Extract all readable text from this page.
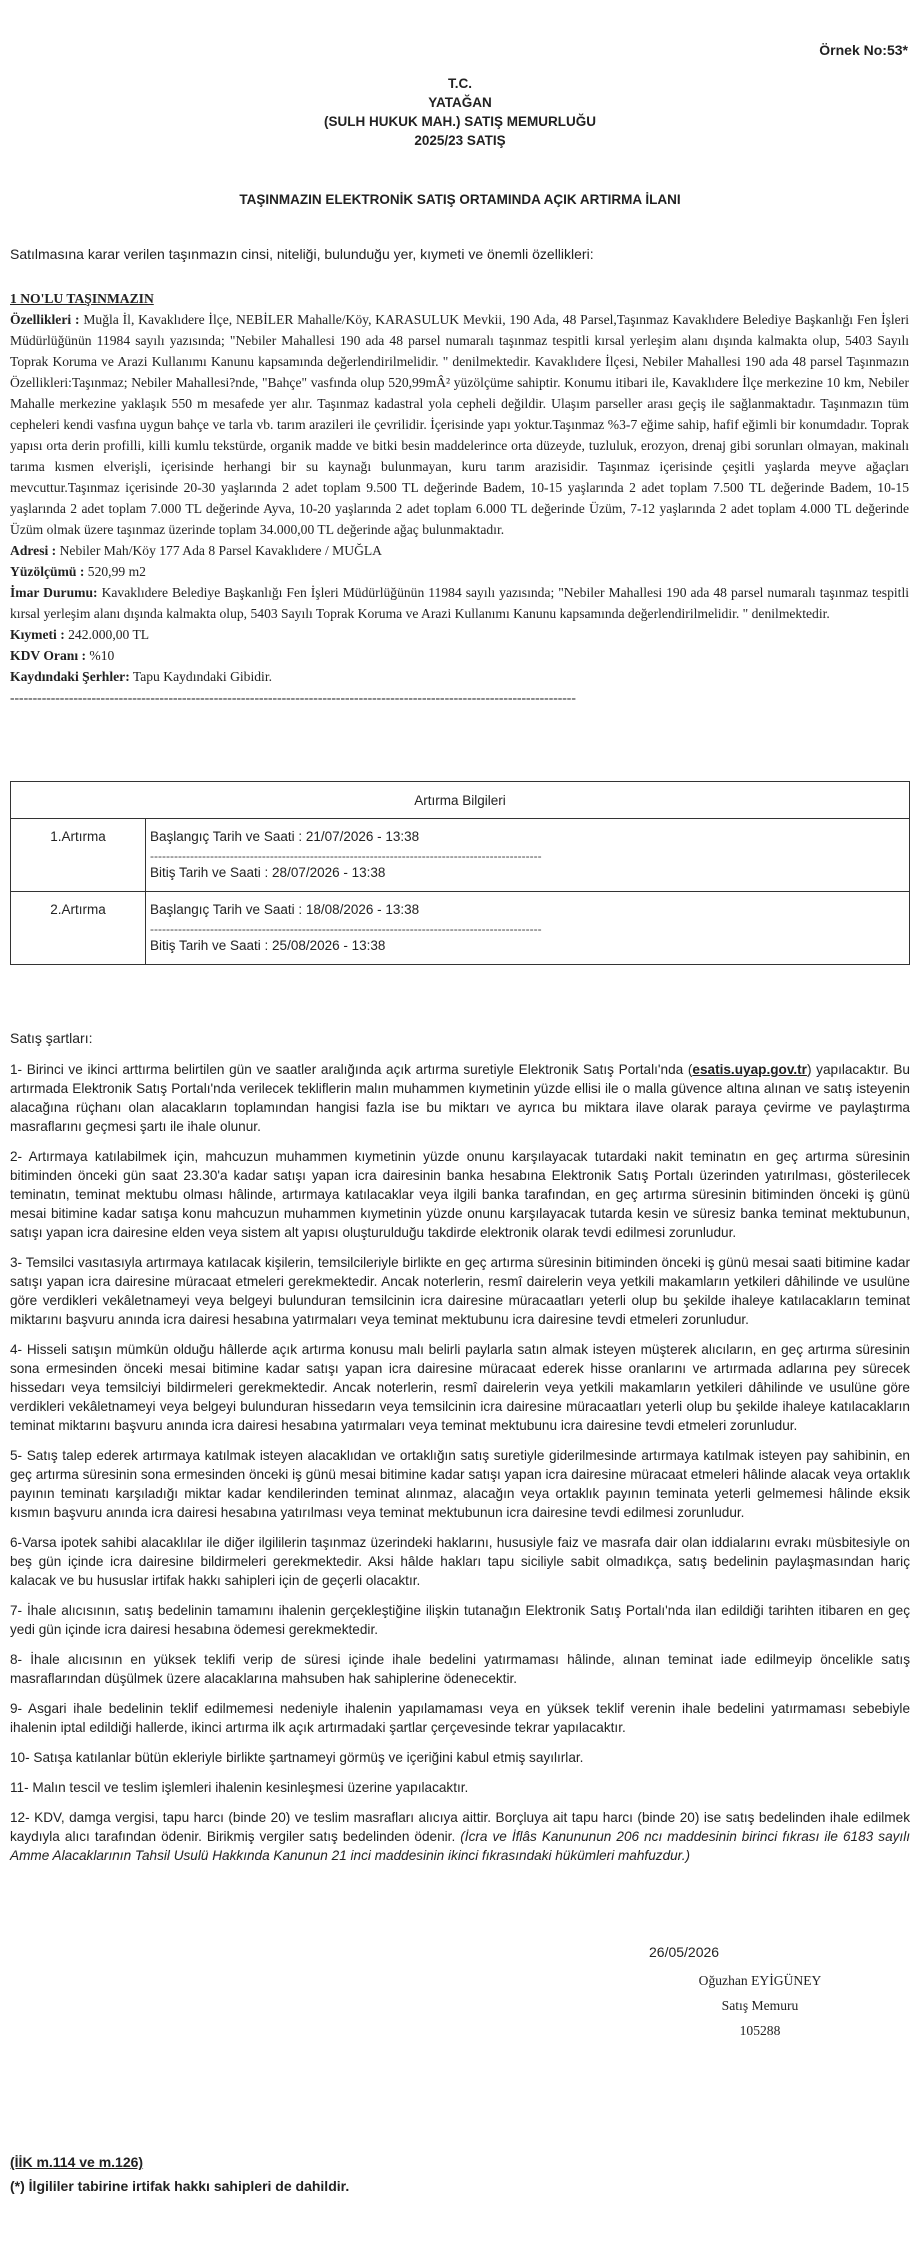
Örnek No:53*
T.C.
YATAĞAN
(SULH HUKUK MAH.) SATIŞ MEMURLUĞU
2025/23 SATIŞ
TAŞINMAZIN ELEKTRONİK SATIŞ ORTAMINDA AÇIK ARTIRMA İLANI
Satılmasına karar verilen taşınmazın cinsi, niteliği, bulunduğu yer, kıymeti ve önemli özellikleri:

1 NO'LU TAŞINMAZIN

Özellikleri : Muğla İl, Kavaklıdere İlçe, NEBİLER Mahalle/Köy, KARASULUK Mevkii, 190 Ada, 48 Parsel,Taşınmaz Kavaklıdere Belediye Başkanlığı Fen İşleri Müdürlüğünün 11984 sayılı yazısında; "Nebiler Mahallesi 190 ada 48 parsel numaralı taşınmaz tespitli kırsal yerleşim alanı dışında kalmakta olup, 5403 Sayılı Toprak Koruma ve Arazi Kullanımı Kanunu kapsamında değerlendirilmelidir. " denilmektedir. Kavaklıdere İlçesi, Nebiler Mahallesi 190 ada 48 parsel Taşınmazın Özellikleri:Taşınmaz; Nebiler Mahallesi?nde, "Bahçe" vasfında olup 520,99mÂ² yüzölçüme sahiptir. Konumu itibari ile, Kavaklıdere İlçe merkezine 10 km, Nebiler Mahalle merkezine yaklaşık 550 m mesafede yer alır. Taşınmaz kadastral yola cepheli değildir. Ulaşım parseller arası geçiş ile sağlanmaktadır. Taşınmazın tüm cepheleri kendi vasfına uygun bahçe ve tarla vb. tarım arazileri ile çevrilidir. İçerisinde yapı yoktur.Taşınmaz %3-7 eğime sahip, hafif eğimli bir konumdadır. Toprak yapısı orta derin profilli, killi kumlu tekstürde, organik madde ve bitki besin maddelerince orta düzeyde, tuzluluk, erozyon, drenaj gibi sorunları olmayan, makinalı tarıma kısmen elverişli, içerisinde herhangi bir su kaynağı bulunmayan, kuru tarım arazisidir. Taşınmaz içerisinde çeşitli yaşlarda meyve ağaçları mevcuttur.Taşınmaz içerisinde 20-30 yaşlarında 2 adet toplam 9.500 TL değerinde Badem, 10-15 yaşlarında 2 adet toplam 7.500 TL değerinde Badem, 10-15 yaşlarında 2 adet toplam 7.000 TL değerinde Ayva, 10-20 yaşlarında 2 adet toplam 6.000 TL değerinde Üzüm, 7-12 yaşlarında 2 adet toplam 4.000 TL değerinde Üzüm olmak üzere taşınmaz üzerinde toplam 34.000,00 TL değerinde ağaç bulunmaktadır.

Adresi : Nebiler Mah/Köy 177 Ada 8 Parsel Kavaklıdere / MUĞLA

Yüzölçümü : 520,99 m2

İmar Durumu: Kavaklıdere Belediye Başkanlığı Fen İşleri Müdürlüğünün 11984 sayılı yazısında; "Nebiler Mahallesi 190 ada 48 parsel numaralı taşınmaz tespitli kırsal yerleşim alanı dışında kalmakta olup, 5403 Sayılı Toprak Koruma ve Arazi Kullanımı Kanunu kapsamında değerlendirilmelidir. " denilmektedir.

Kıymeti : 242.000,00 TL

KDV Oranı : %10

Kaydındaki Şerhler: Tapu Kaydındaki Gibidir.

-----------------------------------------------------------------------------------------------------------------------------

Artırma Bilgileri	
1.Artırma	Başlangıç Tarih ve Saati : 21/07/2026 - 13:38
--------------------------------------------------------------------------------------------------
Bitiş Tarih ve Saati : 28/07/2026 - 13:38

2.Artırma	Başlangıç Tarih ve Saati : 18/08/2026 - 13:38
--------------------------------------------------------------------------------------------------
Bitiş Tarih ve Saati : 25/08/2026 - 13:38
Satış şartları:

1- Birinci ve ikinci arttırma belirtilen gün ve saatler aralığında açık artırma suretiyle Elektronik Satış Portalı'nda (esatis.uyap.gov.tr) yapılacaktır. Bu artırmada Elektronik Satış Portalı'nda verilecek tekliflerin malın muhammen kıymetinin yüzde ellisi ile o malla güvence altına alınan ve satış isteyenin alacağına rüçhanı olan alacakların toplamından hangisi fazla ise bu miktarı ve ayrıca bu miktara ilave olarak paraya çevirme ve paylaştırma masraflarını geçmesi şartı ile ihale olunur.

2- Artırmaya katılabilmek için, mahcuzun muhammen kıymetinin yüzde onunu karşılayacak tutardaki nakit teminatın en geç artırma süresinin bitiminden önceki gün saat 23.30'a kadar satışı yapan icra dairesinin banka hesabına Elektronik Satış Portalı üzerinden yatırılması, gösterilecek teminatın, teminat mektubu olması hâlinde, artırmaya katılacaklar veya ilgili banka tarafından, en geç artırma süresinin bitiminden önceki iş günü mesai bitimine kadar satışa konu mahcuzun muhammen kıymetinin yüzde onunu karşılayacak tutarda kesin ve süresiz banka teminat mektubunun, satışı yapan icra dairesine elden veya sistem alt yapısı oluşturulduğu takdirde elektronik olarak tevdi edilmesi zorunludur.

3- Temsilci vasıtasıyla artırmaya katılacak kişilerin, temsilcileriyle birlikte en geç artırma süresinin bitiminden önceki iş günü mesai saati bitimine kadar satışı yapan icra dairesine müracaat etmeleri gerekmektedir. Ancak noterlerin, resmî dairelerin veya yetkili makamların yetkileri dâhilinde ve usulüne göre verdikleri vekâletnameyi veya belgeyi bulunduran temsilcinin icra dairesine müracaatları yeterli olup bu şekilde ihaleye katılacakların teminat miktarını başvuru anında icra dairesi hesabına yatırmaları veya teminat mektubunu icra dairesine tevdi etmeleri zorunludur.

4- Hisseli satışın mümkün olduğu hâllerde açık artırma konusu malı belirli paylarla satın almak isteyen müşterek alıcıların, en geç artırma süresinin sona ermesinden önceki mesai bitimine kadar satışı yapan icra dairesine müracaat ederek hisse oranlarını ve artırmada adlarına pey sürecek hissedarı veya temsilciyi bildirmeleri gerekmektedir. Ancak noterlerin, resmî dairelerin veya yetkili makamların yetkileri dâhilinde ve usulüne göre verdikleri vekâletnameyi veya belgeyi bulunduran hissedarın veya temsilcinin icra dairesine müracaatları yeterli olup bu şekilde ihaleye katılacakların teminat miktarını başvuru anında icra dairesi hesabına yatırmaları veya teminat mektubunu icra dairesine tevdi etmeleri zorunludur.

5- Satış talep ederek artırmaya katılmak isteyen alacaklıdan ve ortaklığın satış suretiyle giderilmesinde artırmaya katılmak isteyen pay sahibinin, en geç artırma süresinin sona ermesinden önceki iş günü mesai bitimine kadar satışı yapan icra dairesine müracaat etmeleri hâlinde alacak veya ortaklık payının teminatı karşıladığı miktar kadar kendilerinden teminat alınmaz, alacağın veya ortaklık payının teminata yeterli gelmemesi hâlinde eksik kısmın başvuru anında icra dairesi hesabına yatırılması veya teminat mektubunun icra dairesine tevdi edilmesi zorunludur.

6-Varsa ipotek sahibi alacaklılar ile diğer ilgililerin taşınmaz üzerindeki haklarını, hususiyle faiz ve masrafa dair olan iddialarını evrakı müsbitesiyle on beş gün içinde icra dairesine bildirmeleri gerekmektedir. Aksi hâlde hakları tapu siciliyle sabit olmadıkça, satış bedelinin paylaşmasından hariç kalacak ve bu hususlar irtifak hakkı sahipleri için de geçerli olacaktır.

7- İhale alıcısının, satış bedelinin tamamını ihalenin gerçekleştiğine ilişkin tutanağın Elektronik Satış Portalı'nda ilan edildiği tarihten itibaren en geç yedi gün içinde icra dairesi hesabına ödemesi gerekmektedir.

8- İhale alıcısının en yüksek teklifi verip de süresi içinde ihale bedelini yatırmaması hâlinde, alınan teminat iade edilmeyip öncelikle satış masraflarından düşülmek üzere alacaklarına mahsuben hak sahiplerine ödenecektir.

9- Asgari ihale bedelinin teklif edilmemesi nedeniyle ihalenin yapılamaması veya en yüksek teklif verenin ihale bedelini yatırmaması sebebiyle ihalenin iptal edildiği hallerde, ikinci artırma ilk açık artırmadaki şartlar çerçevesinde tekrar yapılacaktır.

10- Satışa katılanlar bütün ekleriyle birlikte şartnameyi görmüş ve içeriğini kabul etmiş sayılırlar.

11- Malın tescil ve teslim işlemleri ihalenin kesinleşmesi üzerine yapılacaktır.

12- KDV, damga vergisi, tapu harcı (binde 20) ve teslim masrafları alıcıya aittir. Borçluya ait tapu harcı (binde 20) ise satış bedelinden ihale edilmek kaydıyla alıcı tarafından ödenir. Birikmiş vergiler satış bedelinden ödenir. (İcra ve İflâs Kanununun 206 ncı maddesinin birinci fıkrası ile 6183 sayılı Amme Alacaklarının Tahsil Usulü Hakkında Kanunun 21 inci maddesinin ikinci fıkrasındaki hükümleri mahfuzdur.)

26/05/2026
Oğuzhan EYİGÜNEY
Satış Memuru
105288
(İİK m.114 ve m.126)
(*) İlgililer tabirine irtifak hakkı sahipleri de dahildir.
